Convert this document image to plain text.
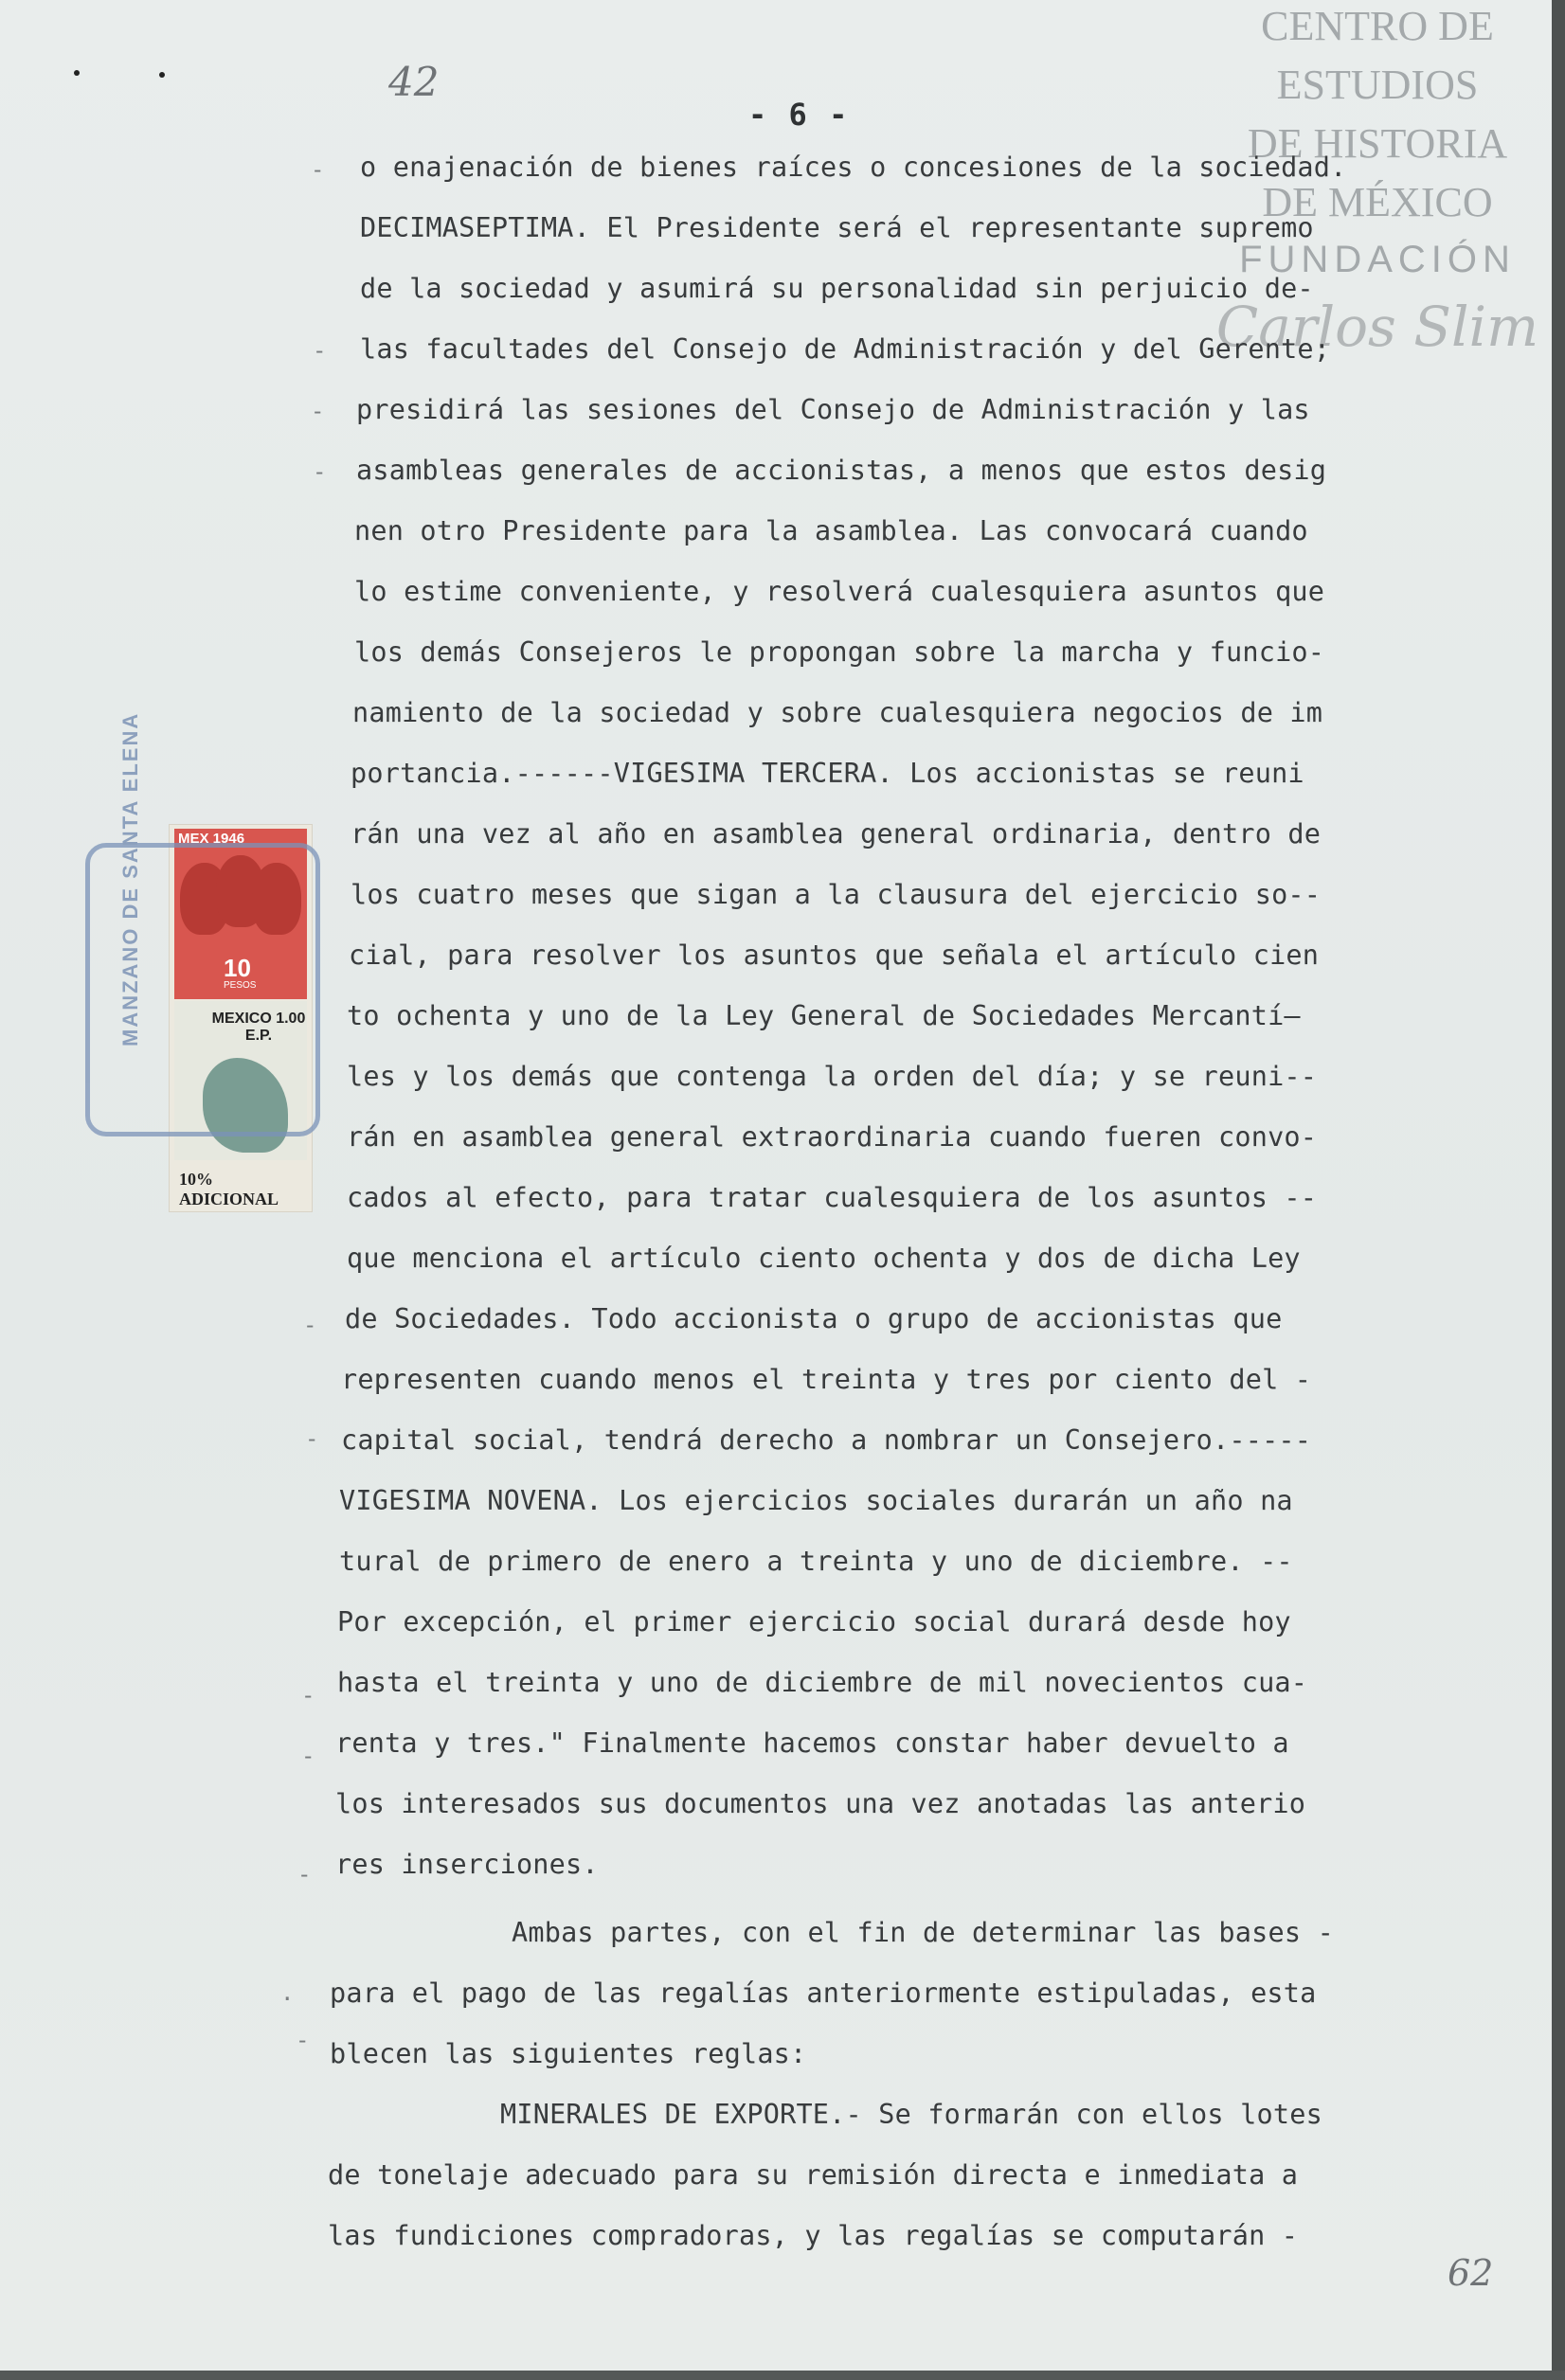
42
- 6 -
62
CENTRO DE
ESTUDIOS
DE HISTORIA
DE MÉXICO
FUNDACIÓN
Carlos Slim
-
-
-
-
-
-
-
-
-
-
.
MEX 1946
10
PESOS
MEXICO 1.00 E.P.
10% ADICIONAL
MANZANO DE SANTA ELENA
o enajenación de bienes raíces o concesiones de la sociedad.
DECIMASEPTIMA. El Presidente será el representante supremo
de la sociedad y asumirá su personalidad sin perjuicio de-
las facultades del Consejo de Administración y del Gerente;
presidirá las sesiones del Consejo de Administración y las
asambleas generales de accionistas, a menos que estos desig
nen otro Presidente para la asamblea. Las convocará cuando
lo estime conveniente, y resolverá cualesquiera asuntos que
los demás Consejeros le propongan sobre la marcha y funcio-
namiento de la sociedad y sobre cualesquiera negocios de im
portancia.------VIGESIMA TERCERA. Los accionistas se reuni
rán una vez al año en asamblea general ordinaria, dentro de
los cuatro meses que sigan a la clausura del ejercicio so--
cial, para resolver los asuntos que señala el artículo cien
to ochenta y uno de la Ley General de Sociedades Mercantí—
les y los demás que contenga la orden del día; y se reuni--
rán en asamblea general extraordinaria cuando fueren convo-
cados al efecto, para tratar cualesquiera de los asuntos --
que menciona el artículo ciento ochenta y dos de dicha Ley
de Sociedades. Todo accionista o grupo de accionistas que
representen cuando menos el treinta y tres por ciento del -
capital social, tendrá derecho a nombrar un Consejero.-----
VIGESIMA NOVENA. Los ejercicios sociales durarán un año na
tural de primero de enero a treinta y uno de diciembre. --
Por excepción, el primer ejercicio social durará desde hoy
hasta el treinta y uno de diciembre de mil novecientos cua-
renta y tres." Finalmente hacemos constar haber devuelto a
los interesados sus documentos una vez anotadas las anterio
res inserciones.
Ambas partes, con el fin de determinar las bases -
para el pago de las regalías anteriormente estipuladas, esta
blecen las siguientes reglas:
MINERALES DE EXPORTE.- Se formarán con ellos lotes
de tonelaje adecuado para su remisión directa e inmediata a
las fundiciones compradoras, y las regalías se computarán -
